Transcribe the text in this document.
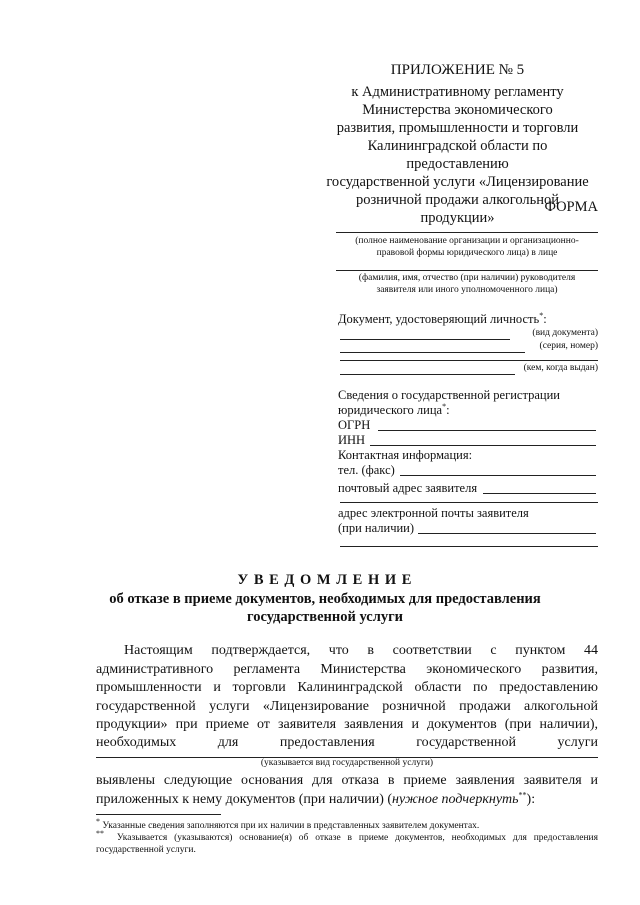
ПРИЛОЖЕНИЕ № 5
к Административному регламенту
Министерства экономического
развития, промышленности и торговли
Калининградской области по предоставлению
государственной услуги «Лицензирование
розничной продажи алкогольной продукции»
ФОРМА
(полное наименование организации и организационно-
правовой формы юридического лица) в лице
(фамилия, имя, отчество (при наличии) руководителя
заявителя или иного уполномоченного лица)
Документ, удостоверяющий личность*:
(вид документа)
(серия, номер)
(кем, когда выдан)
Сведения о государственной регистрации
юридического лица*:
ОГРН
ИНН
Контактная информация:
тел. (факс)
почтовый адрес заявителя
адрес электронной почты заявителя
(при наличии)
У В Е Д О М Л Е Н И Е
об отказе в приеме документов, необходимых для предоставления
государственной услуги
Настоящим подтверждается, что в соответствии с пунктом 44 административного регламента Министерства экономического развития, промышленности и торговли Калининградской области по предоставлению государственной услуги «Лицензирование розничной продажи алкогольной продукции» при приеме от заявителя заявления и документов (при наличии),
необходимых	для	предоставления	государственной	услуги
(указывается вид государственной услуги)
выявлены следующие основания для отказа в приеме заявления заявителя и приложенных к нему документов (при наличии) (нужное подчеркнуть**):
* Указанные сведения заполняются при их наличии в представленных заявителем документах.
** Указывается (указываются) основание(я) об отказе в приеме документов, необходимых для предоставления государственной услуги.
